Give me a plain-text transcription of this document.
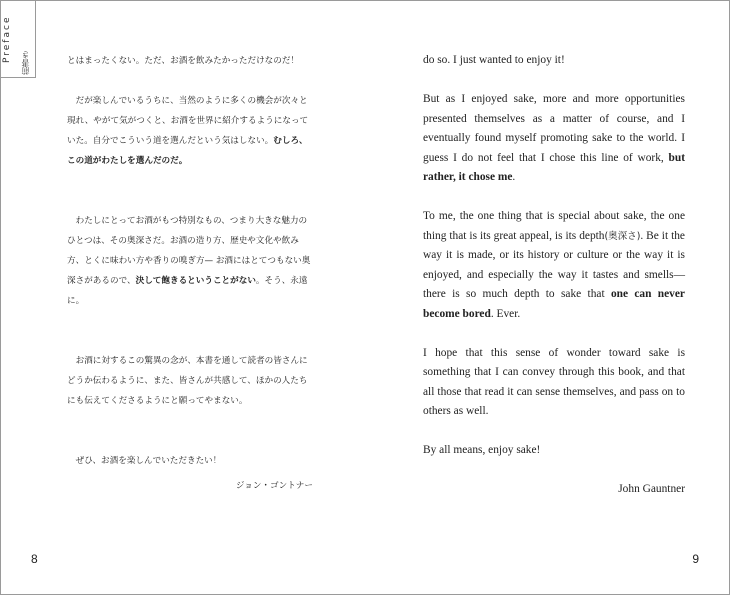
Preface
前書き	とはまったくない。ただ、お酒を飲みたかっただけなのだ！

　だが楽しんでいるうちに、当然のように多くの機会が次々と現れ、やがて気がつくと、お酒を世界に紹介するようになっていた。自分でこういう道を選んだという気はしない。むしろ、この道がわたしを選んだのだ。

　わたしにとってお酒がもつ特別なもの、つまり大きな魅力のひとつは、その奥深さだ。お酒の造り方、歴史や文化や飲み方、とくに味わい方や香りの嗅ぎ方— お酒にはとてつもない奥深さがあるので、決して飽きるということがない。そう、永遠に。

　お酒に対するこの驚異の念が、本書を通して読者の皆さんにどうか伝わるように、また、皆さんが共感して、ほかの人たちにも伝えてくださるようにと願ってやまない。

　ぜひ、お酒を楽しんでいただきたい！

ジョン・ゴントナー

8

do so. I just wanted to enjoy it!

But as I enjoyed sake, more and more opportunities presented themselves as a matter of course, and I eventually found myself promoting sake to the world. I guess I do not feel that I chose this line of work, but rather, it chose me.

To me, the one thing that is special about sake, the one thing that is its great appeal, is its depth(奥深さ). Be it the way it is made, or its history or culture or the way it is enjoyed, and especially the way it tastes and smells—there is so much depth to sake that one can never become bored. Ever.

I hope that this sense of wonder toward sake is something that I can convey through this book, and that all those that read it can sense themselves, and pass on to others as well.

By all means, enjoy sake!

John Gauntner

9
